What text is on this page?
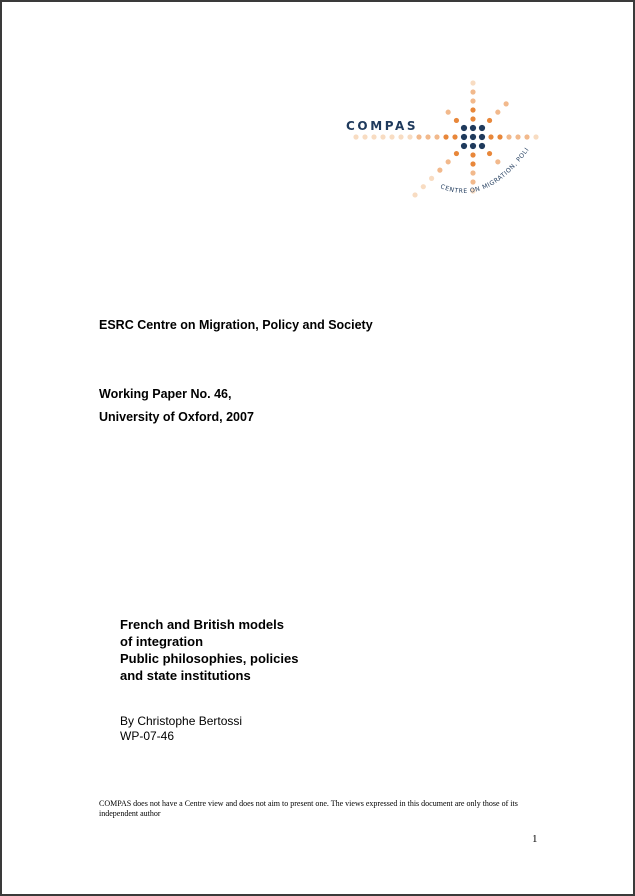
CENTRE ON MIGRATION, POLI
COMPAS
ESRC Centre on Migration, Policy and Society
Working Paper No. 46,
University of Oxford, 2007
French and British models
of integration
Public philosophies, policies
and state institutions
By Christophe Bertossi
WP-07-46
COMPAS does not have a Centre view and does not aim to present one. The views expressed in this document are only those of its independent author
1
